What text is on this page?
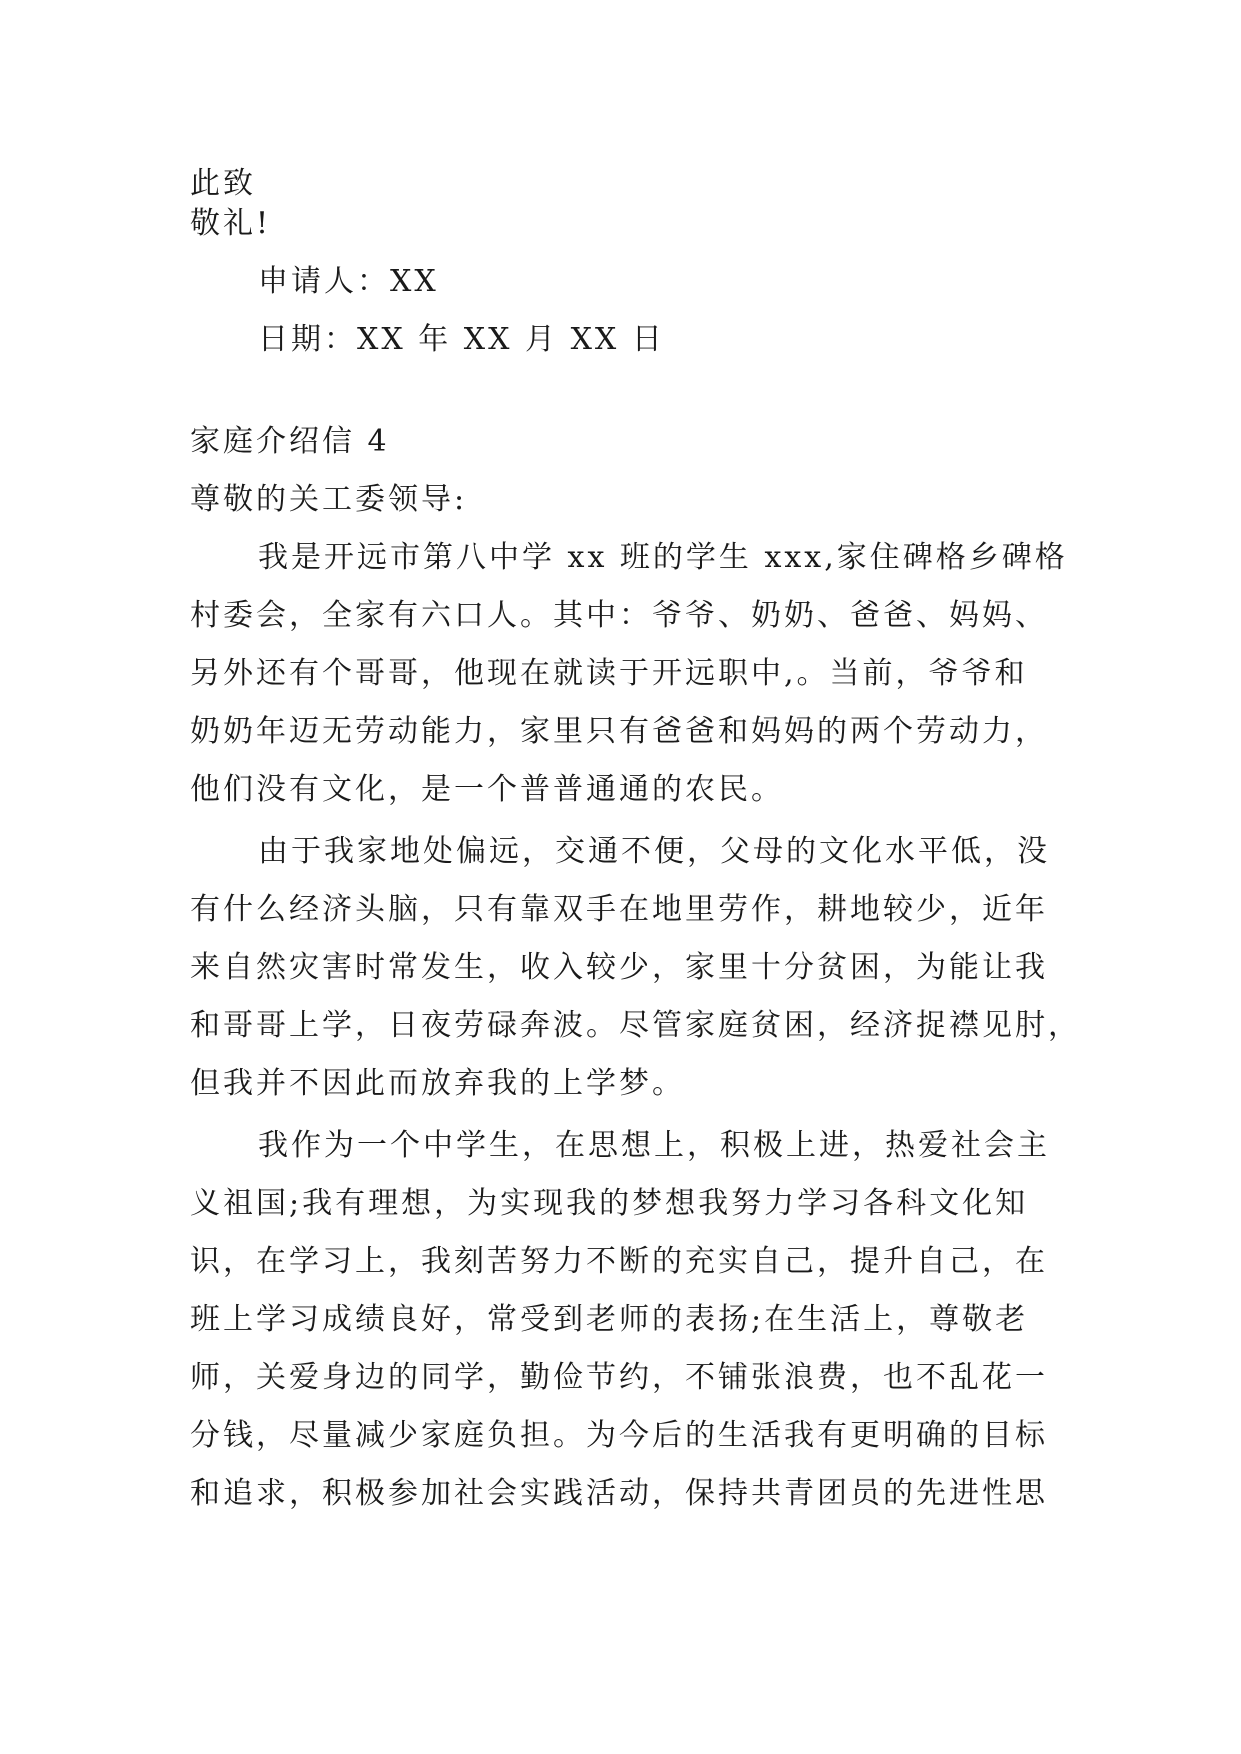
此致
敬礼!
申请人：XX
日期：XX 年 XX 月 XX 日
家庭介绍信 4
尊敬的关工委领导:
我是开远市第八中学 xx 班的学生 xxx,家住碑格乡碑格
村委会，全家有六口人。其中：爷爷、奶奶、爸爸、妈妈、
另外还有个哥哥，他现在就读于开远职中,。当前，爷爷和
奶奶年迈无劳动能力，家里只有爸爸和妈妈的两个劳动力，
他们没有文化，是一个普普通通的农民。
由于我家地处偏远，交通不便，父母的文化水平低，没
有什么经济头脑，只有靠双手在地里劳作，耕地较少，近年
来自然灾害时常发生，收入较少，家里十分贫困，为能让我
和哥哥上学，日夜劳碌奔波。尽管家庭贫困，经济捉襟见肘，
但我并不因此而放弃我的上学梦。
我作为一个中学生，在思想上，积极上进，热爱社会主
义祖国;我有理想，为实现我的梦想我努力学习各科文化知
识，在学习上，我刻苦努力不断的充实自己，提升自己，在
班上学习成绩良好，常受到老师的表扬;在生活上，尊敬老
师，关爱身边的同学，勤俭节约，不铺张浪费，也不乱花一
分钱，尽量减少家庭负担。为今后的生活我有更明确的目标
和追求，积极参加社会实践活动，保持共青团员的先进性思
